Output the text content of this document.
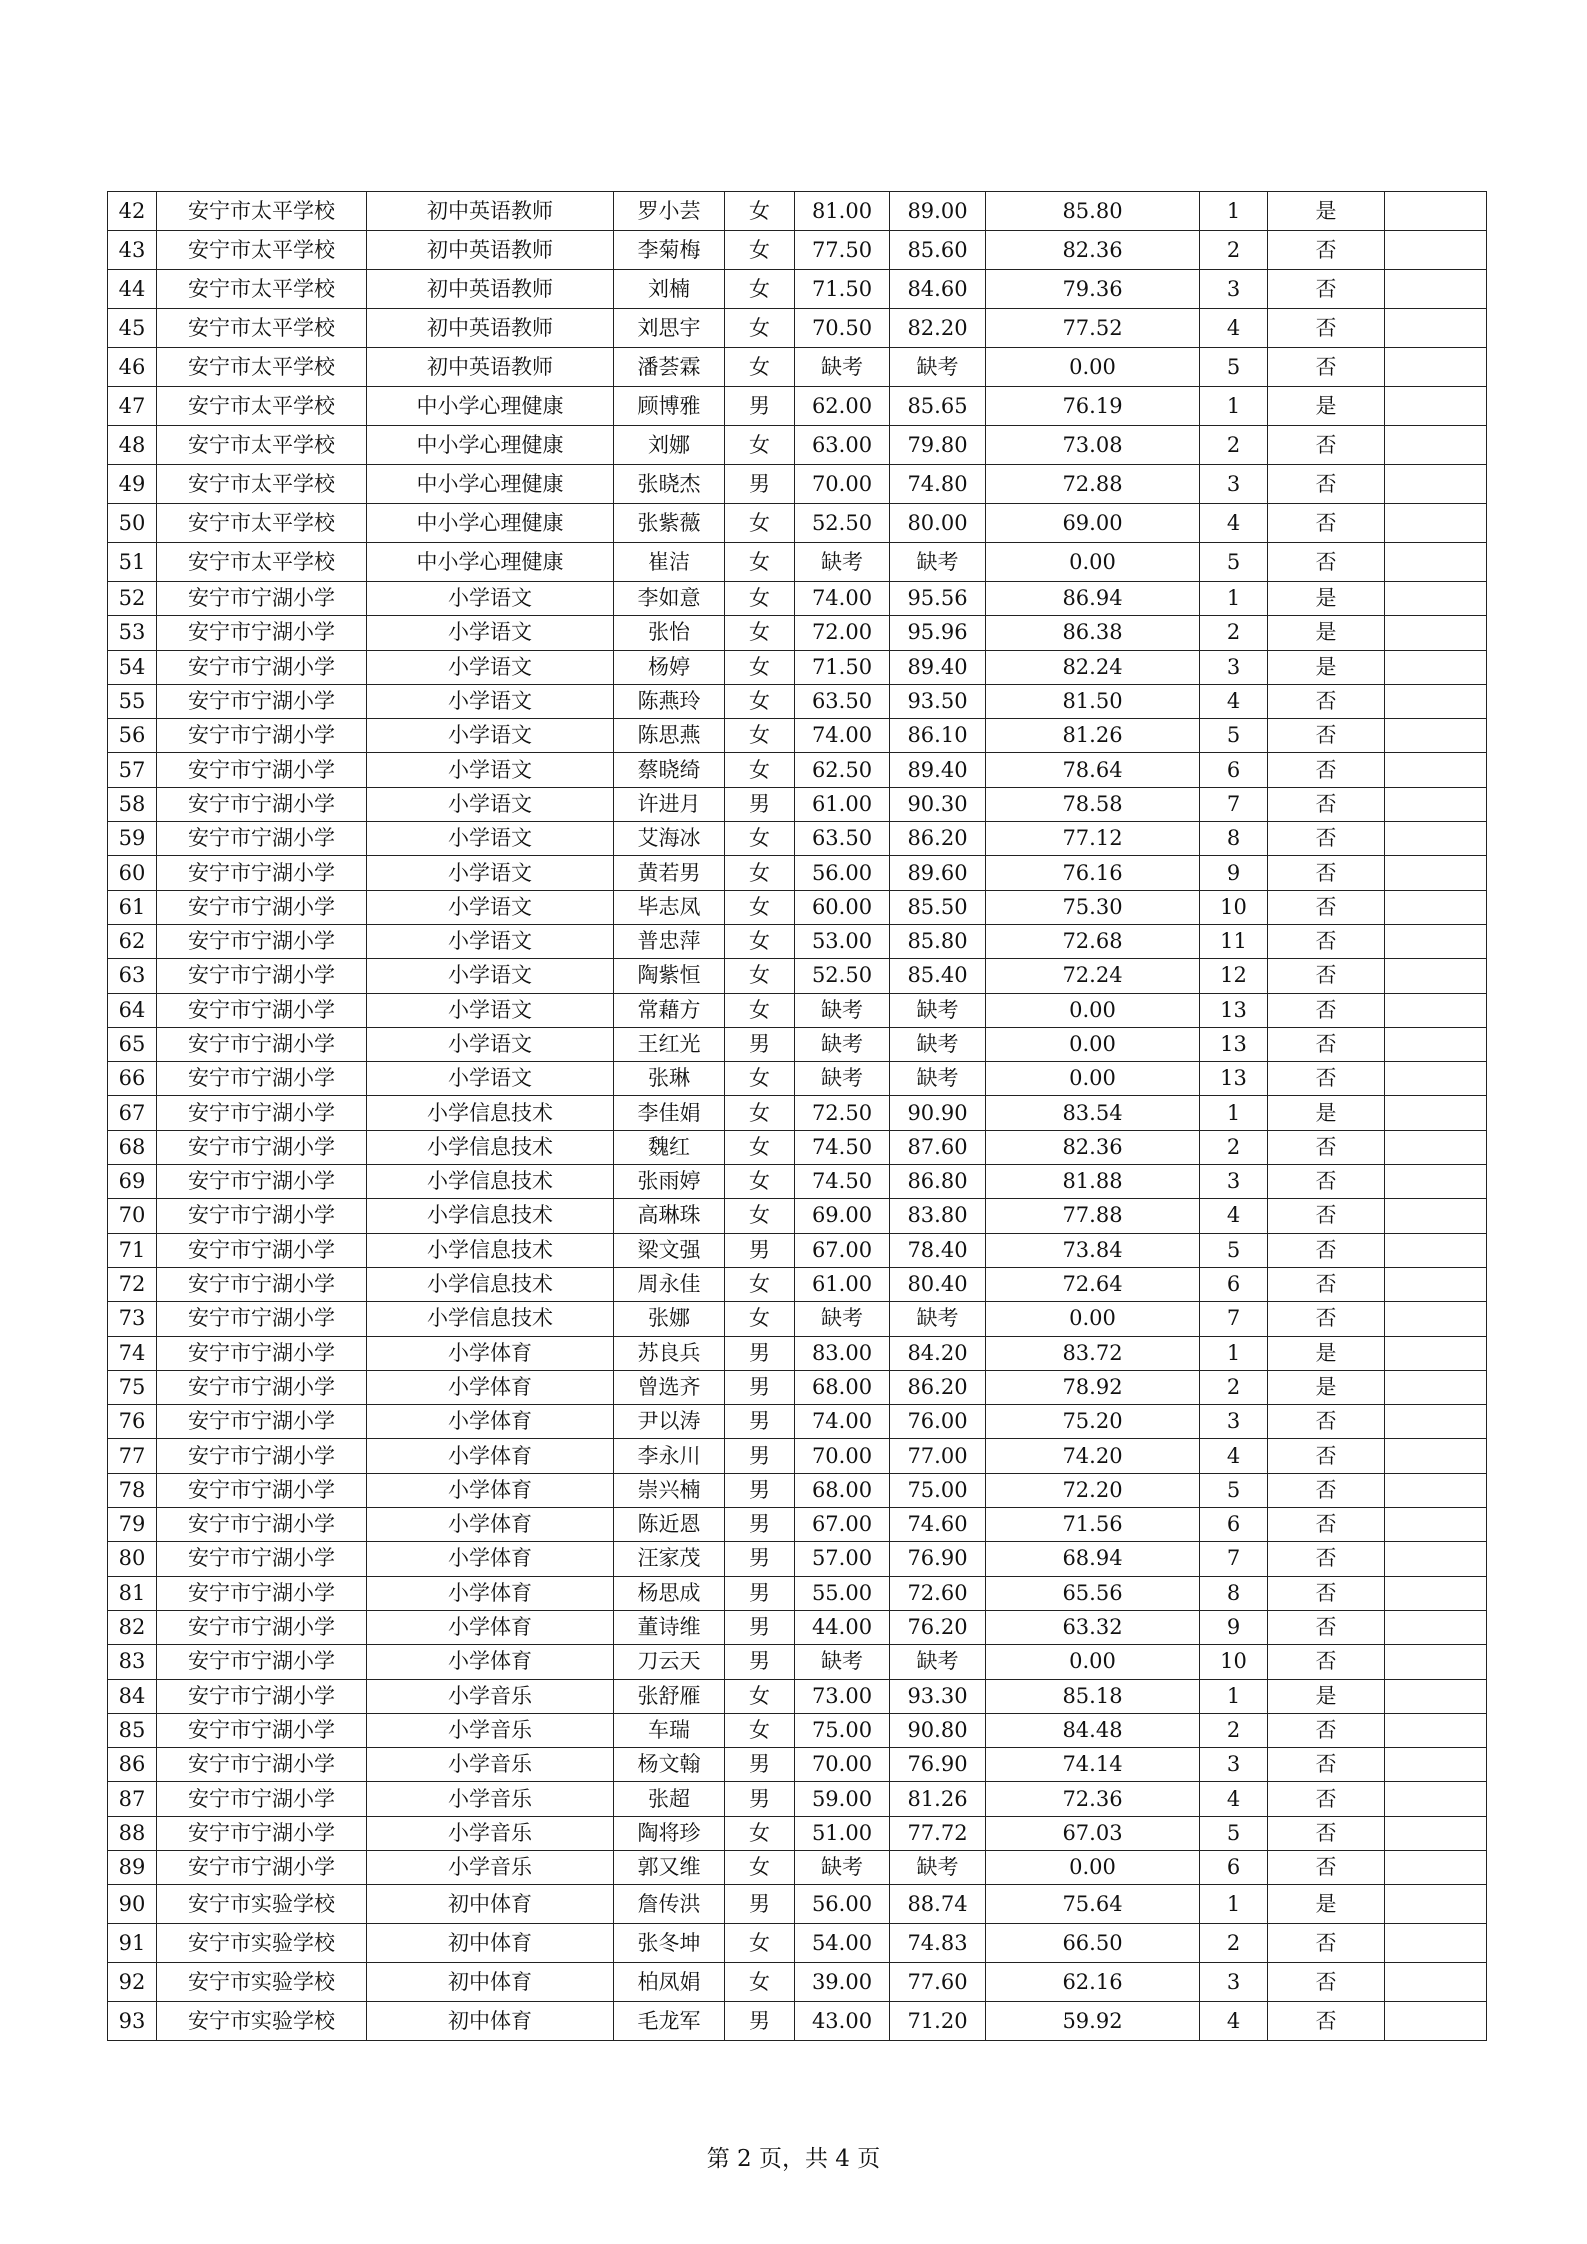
42	安宁市太平学校	初中英语教师	罗小芸	女	81.00	89.00	85.80	1	是	
43	安宁市太平学校	初中英语教师	李菊梅	女	77.50	85.60	82.36	2	否	
44	安宁市太平学校	初中英语教师	刘楠	女	71.50	84.60	79.36	3	否	
45	安宁市太平学校	初中英语教师	刘思宇	女	70.50	82.20	77.52	4	否	
46	安宁市太平学校	初中英语教师	潘荟霖	女	缺考	缺考	0.00	5	否	
47	安宁市太平学校	中小学心理健康	顾博雅	男	62.00	85.65	76.19	1	是	
48	安宁市太平学校	中小学心理健康	刘娜	女	63.00	79.80	73.08	2	否	
49	安宁市太平学校	中小学心理健康	张晓杰	男	70.00	74.80	72.88	3	否	
50	安宁市太平学校	中小学心理健康	张紫薇	女	52.50	80.00	69.00	4	否	
51	安宁市太平学校	中小学心理健康	崔洁	女	缺考	缺考	0.00	5	否	
52	安宁市宁湖小学	小学语文	李如意	女	74.00	95.56	86.94	1	是	
53	安宁市宁湖小学	小学语文	张怡	女	72.00	95.96	86.38	2	是	
54	安宁市宁湖小学	小学语文	杨婷	女	71.50	89.40	82.24	3	是	
55	安宁市宁湖小学	小学语文	陈燕玲	女	63.50	93.50	81.50	4	否	
56	安宁市宁湖小学	小学语文	陈思燕	女	74.00	86.10	81.26	5	否	
57	安宁市宁湖小学	小学语文	蔡晓绮	女	62.50	89.40	78.64	6	否	
58	安宁市宁湖小学	小学语文	许进月	男	61.00	90.30	78.58	7	否	
59	安宁市宁湖小学	小学语文	艾海冰	女	63.50	86.20	77.12	8	否	
60	安宁市宁湖小学	小学语文	黄若男	女	56.00	89.60	76.16	9	否	
61	安宁市宁湖小学	小学语文	毕志凤	女	60.00	85.50	75.30	10	否	
62	安宁市宁湖小学	小学语文	普忠萍	女	53.00	85.80	72.68	11	否	
63	安宁市宁湖小学	小学语文	陶紫恒	女	52.50	85.40	72.24	12	否	
64	安宁市宁湖小学	小学语文	常藉方	女	缺考	缺考	0.00	13	否	
65	安宁市宁湖小学	小学语文	王红光	男	缺考	缺考	0.00	13	否	
66	安宁市宁湖小学	小学语文	张琳	女	缺考	缺考	0.00	13	否	
67	安宁市宁湖小学	小学信息技术	李佳娟	女	72.50	90.90	83.54	1	是	
68	安宁市宁湖小学	小学信息技术	魏红	女	74.50	87.60	82.36	2	否	
69	安宁市宁湖小学	小学信息技术	张雨婷	女	74.50	86.80	81.88	3	否	
70	安宁市宁湖小学	小学信息技术	高琳珠	女	69.00	83.80	77.88	4	否	
71	安宁市宁湖小学	小学信息技术	梁文强	男	67.00	78.40	73.84	5	否	
72	安宁市宁湖小学	小学信息技术	周永佳	女	61.00	80.40	72.64	6	否	
73	安宁市宁湖小学	小学信息技术	张娜	女	缺考	缺考	0.00	7	否	
74	安宁市宁湖小学	小学体育	苏良兵	男	83.00	84.20	83.72	1	是	
75	安宁市宁湖小学	小学体育	曾选齐	男	68.00	86.20	78.92	2	是	
76	安宁市宁湖小学	小学体育	尹以涛	男	74.00	76.00	75.20	3	否	
77	安宁市宁湖小学	小学体育	李永川	男	70.00	77.00	74.20	4	否	
78	安宁市宁湖小学	小学体育	崇兴楠	男	68.00	75.00	72.20	5	否	
79	安宁市宁湖小学	小学体育	陈近恩	男	67.00	74.60	71.56	6	否	
80	安宁市宁湖小学	小学体育	汪家茂	男	57.00	76.90	68.94	7	否	
81	安宁市宁湖小学	小学体育	杨思成	男	55.00	72.60	65.56	8	否	
82	安宁市宁湖小学	小学体育	董诗维	男	44.00	76.20	63.32	9	否	
83	安宁市宁湖小学	小学体育	刀云天	男	缺考	缺考	0.00	10	否	
84	安宁市宁湖小学	小学音乐	张舒雁	女	73.00	93.30	85.18	1	是	
85	安宁市宁湖小学	小学音乐	车瑞	女	75.00	90.80	84.48	2	否	
86	安宁市宁湖小学	小学音乐	杨文翰	男	70.00	76.90	74.14	3	否	
87	安宁市宁湖小学	小学音乐	张超	男	59.00	81.26	72.36	4	否	
88	安宁市宁湖小学	小学音乐	陶将珍	女	51.00	77.72	67.03	5	否	
89	安宁市宁湖小学	小学音乐	郭又维	女	缺考	缺考	0.00	6	否	
90	安宁市实验学校	初中体育	詹传洪	男	56.00	88.74	75.64	1	是	
91	安宁市实验学校	初中体育	张冬坤	女	54.00	74.83	66.50	2	否	
92	安宁市实验学校	初中体育	柏凤娟	女	39.00	77.60	62.16	3	否	
93	安宁市实验学校	初中体育	毛龙军	男	43.00	71.20	59.92	4	否	
第 2 页，共 4 页
